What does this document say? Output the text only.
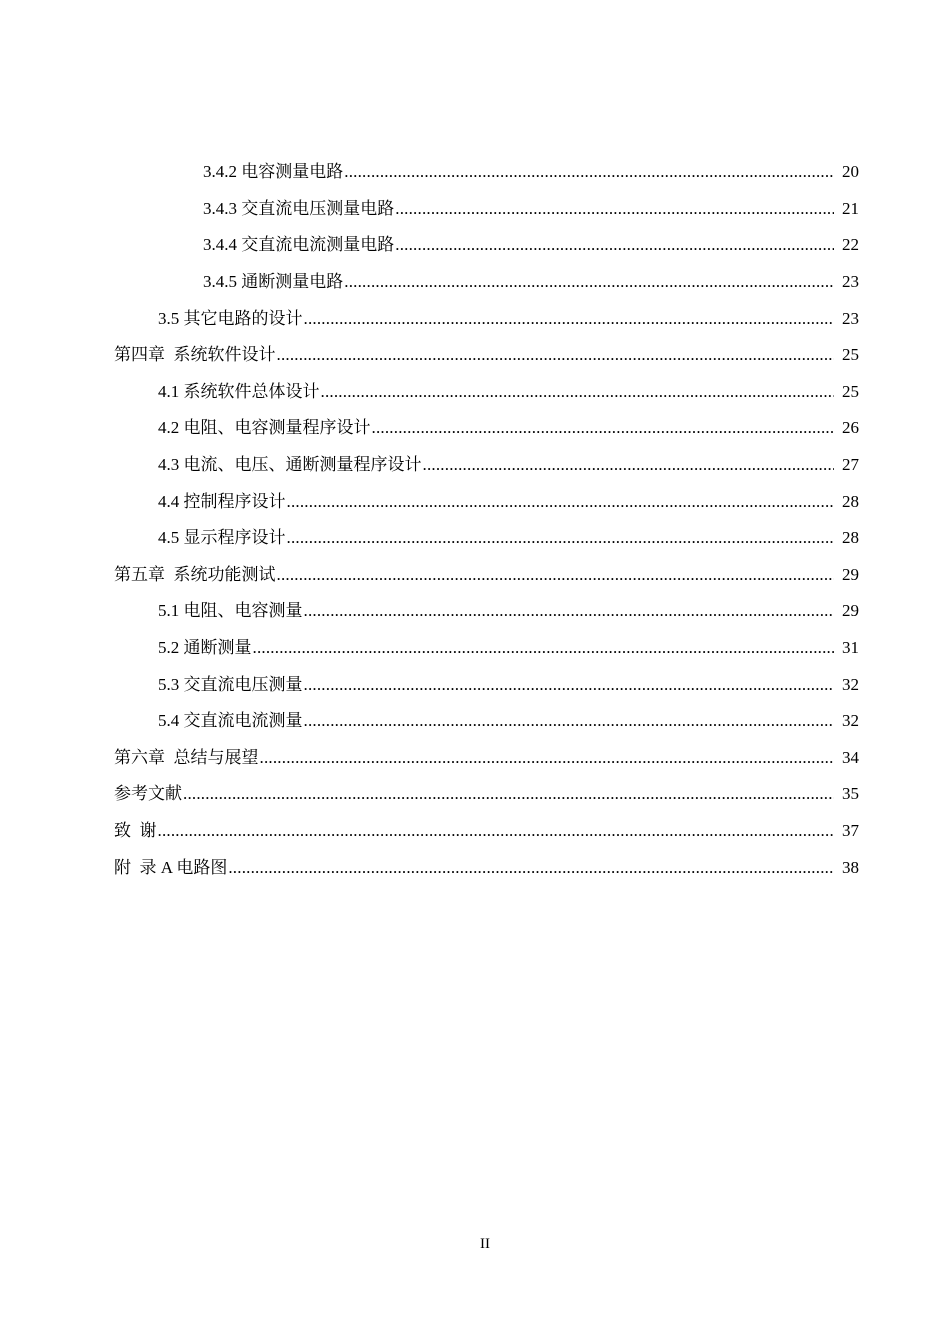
3.4.2 电容测量电路 .....	20
3.4.3 交直流电压测量电路 .....	21
3.4.4 交直流电流测量电路 .....	22
3.4.5 通断测量电路 .....	23
3.5 其它电路的设计 .....	23
第四章  系统软件设计 .....	25
4.1 系统软件总体设计 .....	25
4.2 电阻、电容测量程序设计 .....	26
4.3 电流、电压、通断测量程序设计 .....	27
4.4 控制程序设计 .....	28
4.5 显示程序设计 .....	28
第五章  系统功能测试 .....	29
5.1 电阻、电容测量 .....	29
5.2 通断测量 .....	31
5.3 交直流电压测量 .....	32
5.4 交直流电流测量 .....	32
第六章  总结与展望 .....	34
参考文献 .....	35
致  谢 .....	37
附  录 A 电路图 .....	38
II
